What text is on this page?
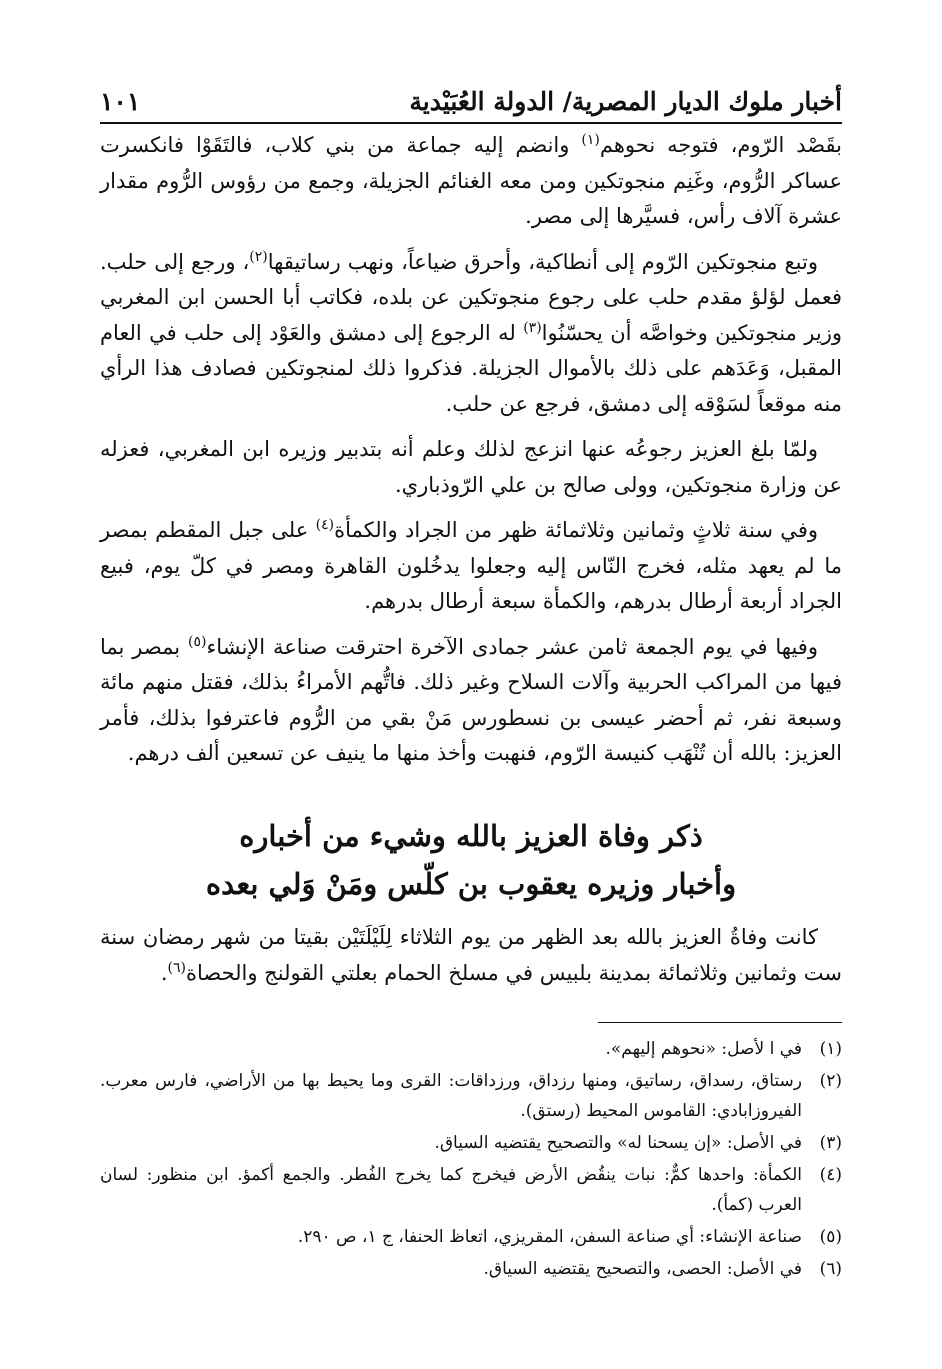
أخبار ملوك الديار المصرية/ الدولة العُبَيْدية
١٠١

بقَصْد الرّوم، فتوجه نحوهم$^{(١)}$ وانضم إليه جماعة من بني كلاب، فالتَقَوْا فانكسرت عساكر الرُّوم، وغَنِم منجوتكين ومن معه الغنائم الجزيلة، وجمع من رؤوس الرُّوم مقدار عشرة آلاف رأس، فسيَّرها إلى مصر.

وتبع منجوتكين الرّوم إلى أنطاكية، وأحرق ضياعاً، ونهب رساتيقها$^{(٢)}$، ورجع إلى حلب. فعمل لؤلؤ مقدم حلب على رجوع منجوتكين عن بلده، فكاتب أبا الحسن ابن المغربي وزير منجوتكين وخواصَّه أن يحسّنُوا$^{(٣)}$ له الرجوع إلى دمشق والعَوْد إلى حلب في العام المقبل، وَعَدَهم على ذلك بالأموال الجزيلة. فذكروا ذلك لمنجوتكين فصادف هذا الرأي منه موقعاً لسَوْقه إلى دمشق، فرجع عن حلب.

ولمّا بلغ العزيز رجوعُه عنها انزعج لذلك وعلم أنه بتدبير وزيره ابن المغربي، فعزله عن وزارة منجوتكين، وولى صالح بن علي الرّوذباري.

وفي سنة ثلاثٍ وثمانين وثلاثمائة ظهر من الجراد والكمأة$^{(٤)}$ على جبل المقطم بمصر ما لم يعهد مثله، فخرج النّاس إليه وجعلوا يدخُلون القاهرة ومصر في كلّ يوم، فبيع الجراد أربعة أرطال بدرهم، والكمأة سبعة أرطال بدرهم.

وفيها في يوم الجمعة ثامن عشر جمادى الآخرة احترقت صناعة الإنشاء$^{(٥)}$ بمصر بما فيها من المراكب الحربية وآلات السلاح وغير ذلك. فاتُّهم الأمراءُ بذلك، فقتل منهم مائة وسبعة نفر، ثم أحضر عيسى بن نسطورس مَنْ بقي من الرُّوم فاعترفوا بذلك، فأمر العزيز: بالله أن تُنْهَب كنيسة الرّوم، فنهبت وأخذ منها ما ينيف عن تسعين ألف درهم.

ذكر وفاة العزيز بالله وشيء من أخباره
وأخبار وزيره يعقوب بن كلّس ومَنْ وَلي بعده

كانت وفاةُ العزيز بالله بعد الظهر من يوم الثلاثاء لِلَيْلَتَيْن بقيتا من شهر رمضان سنة ست وثمانين وثلاثمائة بمدينة بلبيس في مسلخ الحمام بعلتي القولنج والحصاة$^{(٦)}$.

(١)
في ا لأصل: «نحوهم إليهم».
(٢)
رستاق، رسداق، رساتيق، ومنها رزداق، ورزداقات: القرى وما يحيط بها من الأراضي، فارس معرب. الفيروزابادي: القاموس المحيط (رستق).
(٣)
في الأصل: «إن يسحنا له» والتصحيح يقتضيه السياق.
(٤)
الكمأة: واحدها كمٌّ: نبات ينقُض الأرض فيخرج كما يخرج الفُطر. والجمع أكمؤ. ابن منظور: لسان العرب (كمأ).
(٥)
صناعة الإنشاء: أي صناعة السفن، المقريزي، اتعاظ الحنفا، ج ١، ص ٢٩٠.
(٦)
في الأصل: الحصى، والتصحيح يقتضيه السياق.
